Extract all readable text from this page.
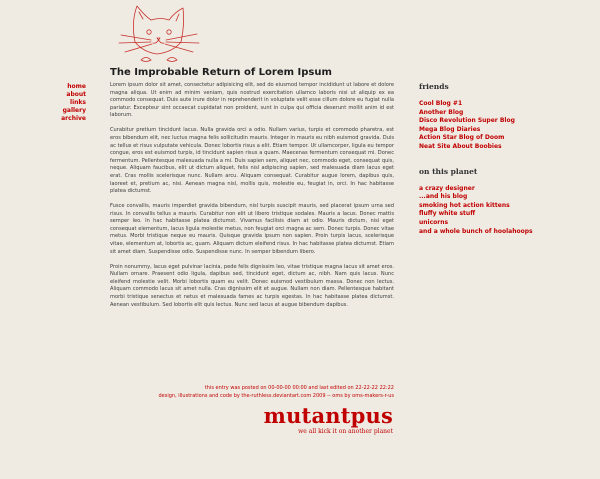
The Improbable Return of Lorem Ipsum
home
about
links
gallery
archive

Lorem ipsum dolor sit amet, consectetur adipisicing elit, sed do eiusmod tempor incididunt ut labore et dolore magna aliqua. Ut enim ad minim veniam, quis nostrud exercitation ullamco laboris nisi ut aliquip ex ea commodo consequat. Duis aute irure dolor in reprehenderit in voluptate velit esse cillum dolore eu fugiat nulla pariatur. Excepteur sint occaecat cupidatat non proident, sunt in culpa qui officia deserunt mollit anim id est laborum.

Curabitur pretium tincidunt lacus. Nulla gravida orci a odio. Nullam varius, turpis et commodo pharetra, est eros bibendum elit, nec luctus magna felis sollicitudin mauris. Integer in mauris eu nibh euismod gravida. Duis ac tellus et risus vulputate vehicula. Donec lobortis risus a elit. Etiam tempor. Ut ullamcorper, ligula eu tempor congue, eros est euismod turpis, id tincidunt sapien risus a quam. Maecenas fermentum consequat mi. Donec fermentum. Pellentesque malesuada nulla a mi. Duis sapien sem, aliquet nec, commodo eget, consequat quis, neque. Aliquam faucibus, elit ut dictum aliquet, felis nisl adipiscing sapien, sed malesuada diam lacus eget erat. Cras mollis scelerisque nunc. Nullam arcu. Aliquam consequat. Curabitur augue lorem, dapibus quis, laoreet et, pretium ac, nisi. Aenean magna nisl, mollis quis, molestie eu, feugiat in, orci. In hac habitasse platea dictumst.

Fusce convallis, mauris imperdiet gravida bibendum, nisl turpis suscipit mauris, sed placerat ipsum urna sed risus. In convallis tellus a mauris. Curabitur non elit ut libero tristique sodales. Mauris a lacus. Donec mattis semper leo. In hac habitasse platea dictumst. Vivamus facilisis diam at odio. Mauris dictum, nisi eget consequat elementum, lacus ligula molestie metus, non feugiat orci magna ac sem. Donec turpis. Donec vitae metus. Morbi tristique neque eu mauris. Quisque gravida ipsum non sapien. Proin turpis lacus, scelerisque vitae, elementum at, lobortis ac, quam. Aliquam dictum eleifend risus. In hac habitasse platea dictumst. Etiam sit amet diam. Suspendisse odio. Suspendisse nunc. In semper bibendum libero.

Proin nonummy, lacus eget pulvinar lacinia, pede felis dignissim leo, vitae tristique magna lacus sit amet eros. Nullam ornare. Praesent odio ligula, dapibus sed, tincidunt eget, dictum ac, nibh. Nam quis lacus. Nunc eleifend molestie velit. Morbi lobortis quam eu velit. Donec euismod vestibulum massa. Donec non lectus. Aliquam commodo lacus sit amet nulla. Cras dignissim elit et augue. Nullam non diam. Pellentesque habitant morbi tristique senectus et netus et malesuada fames ac turpis egestas. In hac habitasse platea dictumst. Aenean vestibulum. Sed lobortis elit quis lectus. Nunc sed lacus at augue bibendum dapibus.

this entry was posted on 00-00-00 00:00 and last edited on 22-22-22 22:22
design, illustrations and code by the-ruthless.deviantart.com 2009 -- oms by oms-makers-r-us
mutantpus
we all kick it on another planet
friends
Cool Blog #1
Another Blog
Disco Revolution Super Blog
Mega Blog Diaries
Action Star Blog of Doom
Neat Site About Boobies
on this planet
a crazy designer
...and his blog
smoking hot action kittens
fluffy white stuff
unicorns
and a whole bunch of hoolahoops
